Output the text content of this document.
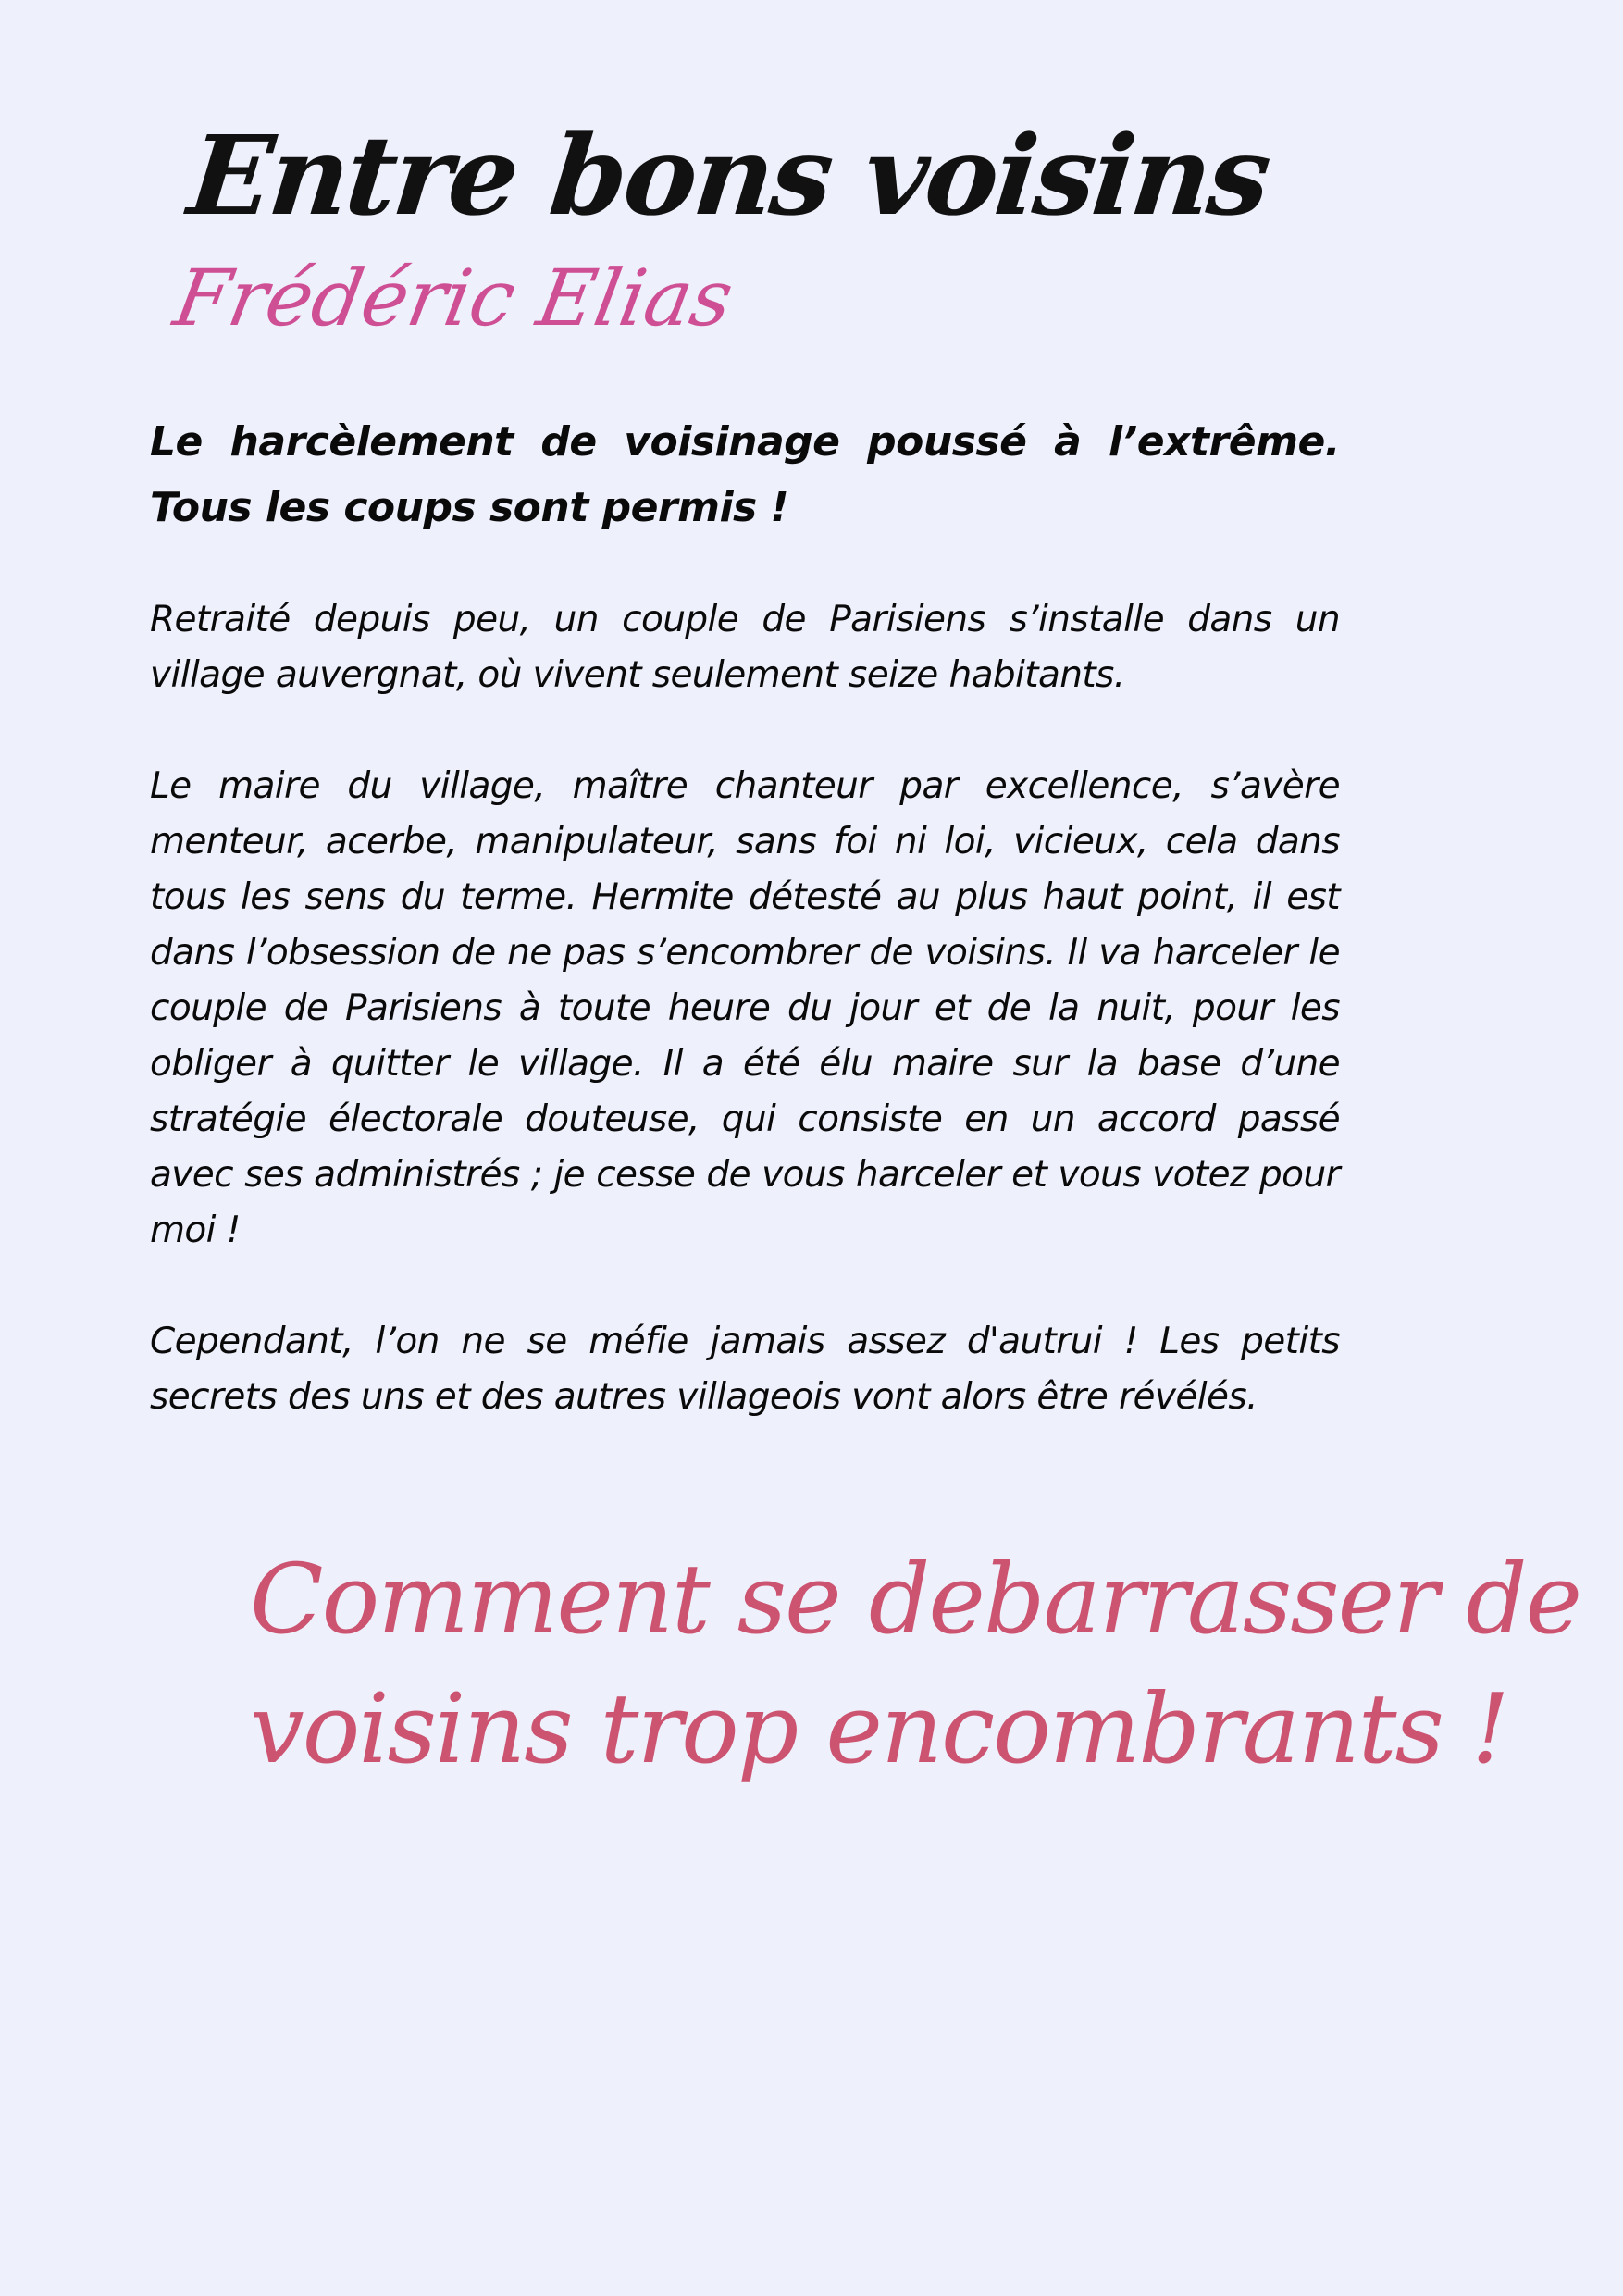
Entre bons voisins
Frédéric Elias
Le harcèlement de voisinage poussé à l’extrême. Tous les coups sont permis !
Retraité depuis peu, un couple de Parisiens s’installe dans un village auvergnat, où vivent seulement seize habitants.
Le maire du village, maître chanteur par excellence, s’avère menteur, acerbe, manipulateur, sans foi ni loi, vicieux, cela dans tous les sens du terme. Hermite détesté au plus haut point, il est dans l’obsession de ne pas s’encombrer de voisins. Il va harceler le couple de Parisiens à toute heure du jour et de la nuit, pour les obliger à quitter le village. Il a été élu maire sur la base d’une stratégie électorale douteuse, qui consiste en un accord passé avec ses administrés ; je cesse de vous harceler et vous votez pour moi !
Cependant, l’on ne se méfie jamais assez d'autrui ! Les petits secrets des uns et des autres villageois vont alors être révélés.
Comment se debarrasser de
voisins trop encombrants !
